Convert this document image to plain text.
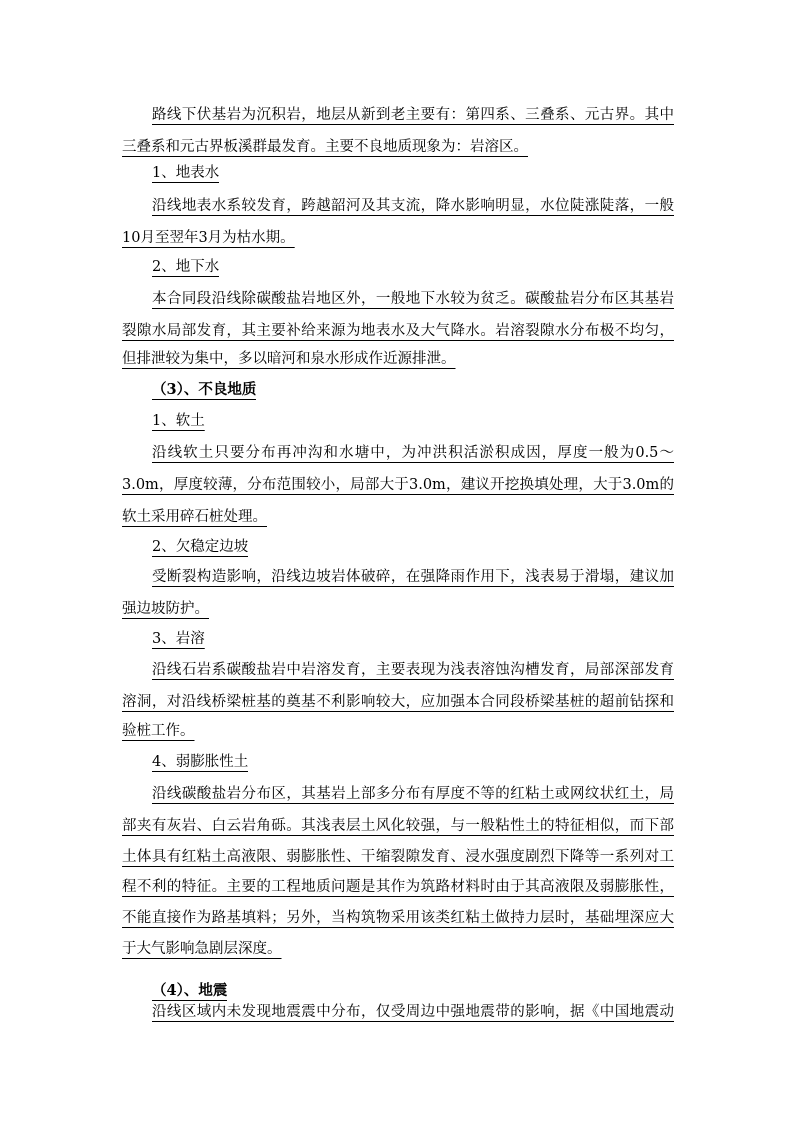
路线下伏基岩为沉积岩，地层从新到老主要有：第四系、三叠系、元古界。其中
三叠系和元古界板溪群最发育。主要不良地质现象为：岩溶区。
1、地表水
沿线地表水系较发育，跨越韶河及其支流，降水影响明显，水位陡涨陡落，一般
10月至翌年3月为枯水期。
2、地下水
本合同段沿线除碳酸盐岩地区外，一般地下水较为贫乏。碳酸盐岩分布区其基岩
裂隙水局部发育，其主要补给来源为地表水及大气降水。岩溶裂隙水分布极不均匀，
但排泄较为集中，多以暗河和泉水形成作近源排泄。
（3）、不良地质
1、软土
沿线软土只要分布再冲沟和水塘中，为冲洪积活淤积成因，厚度一般为0.5～
3.0m，厚度较薄，分布范围较小，局部大于3.0m，建议开挖换填处理，大于3.0m的
软土采用碎石桩处理。
2、欠稳定边坡
受断裂构造影响，沿线边坡岩体破碎，在强降雨作用下，浅表易于滑塌，建议加
强边坡防护。
3、岩溶
沿线石岩系碳酸盐岩中岩溶发育，主要表现为浅表溶蚀沟槽发育，局部深部发育
溶洞，对沿线桥梁桩基的奠基不利影响较大，应加强本合同段桥梁基桩的超前钻探和
验桩工作。
4、弱膨胀性土
沿线碳酸盐岩分布区，其基岩上部多分布有厚度不等的红粘土或网纹状红土，局
部夹有灰岩、白云岩角砾。其浅表层土风化较强，与一般粘性土的特征相似，而下部
土体具有红粘土高液限、弱膨胀性、干缩裂隙发育、浸水强度剧烈下降等一系列对工
程不利的特征。主要的工程地质问题是其作为筑路材料时由于其高液限及弱膨胀性，
不能直接作为路基填料；另外，当构筑物采用该类红粘土做持力层时，基础埋深应大
于大气影响急剧层深度。
（4）、地震
沿线区域内未发现地震震中分布，仅受周边中强地震带的影响，据《中国地震动
